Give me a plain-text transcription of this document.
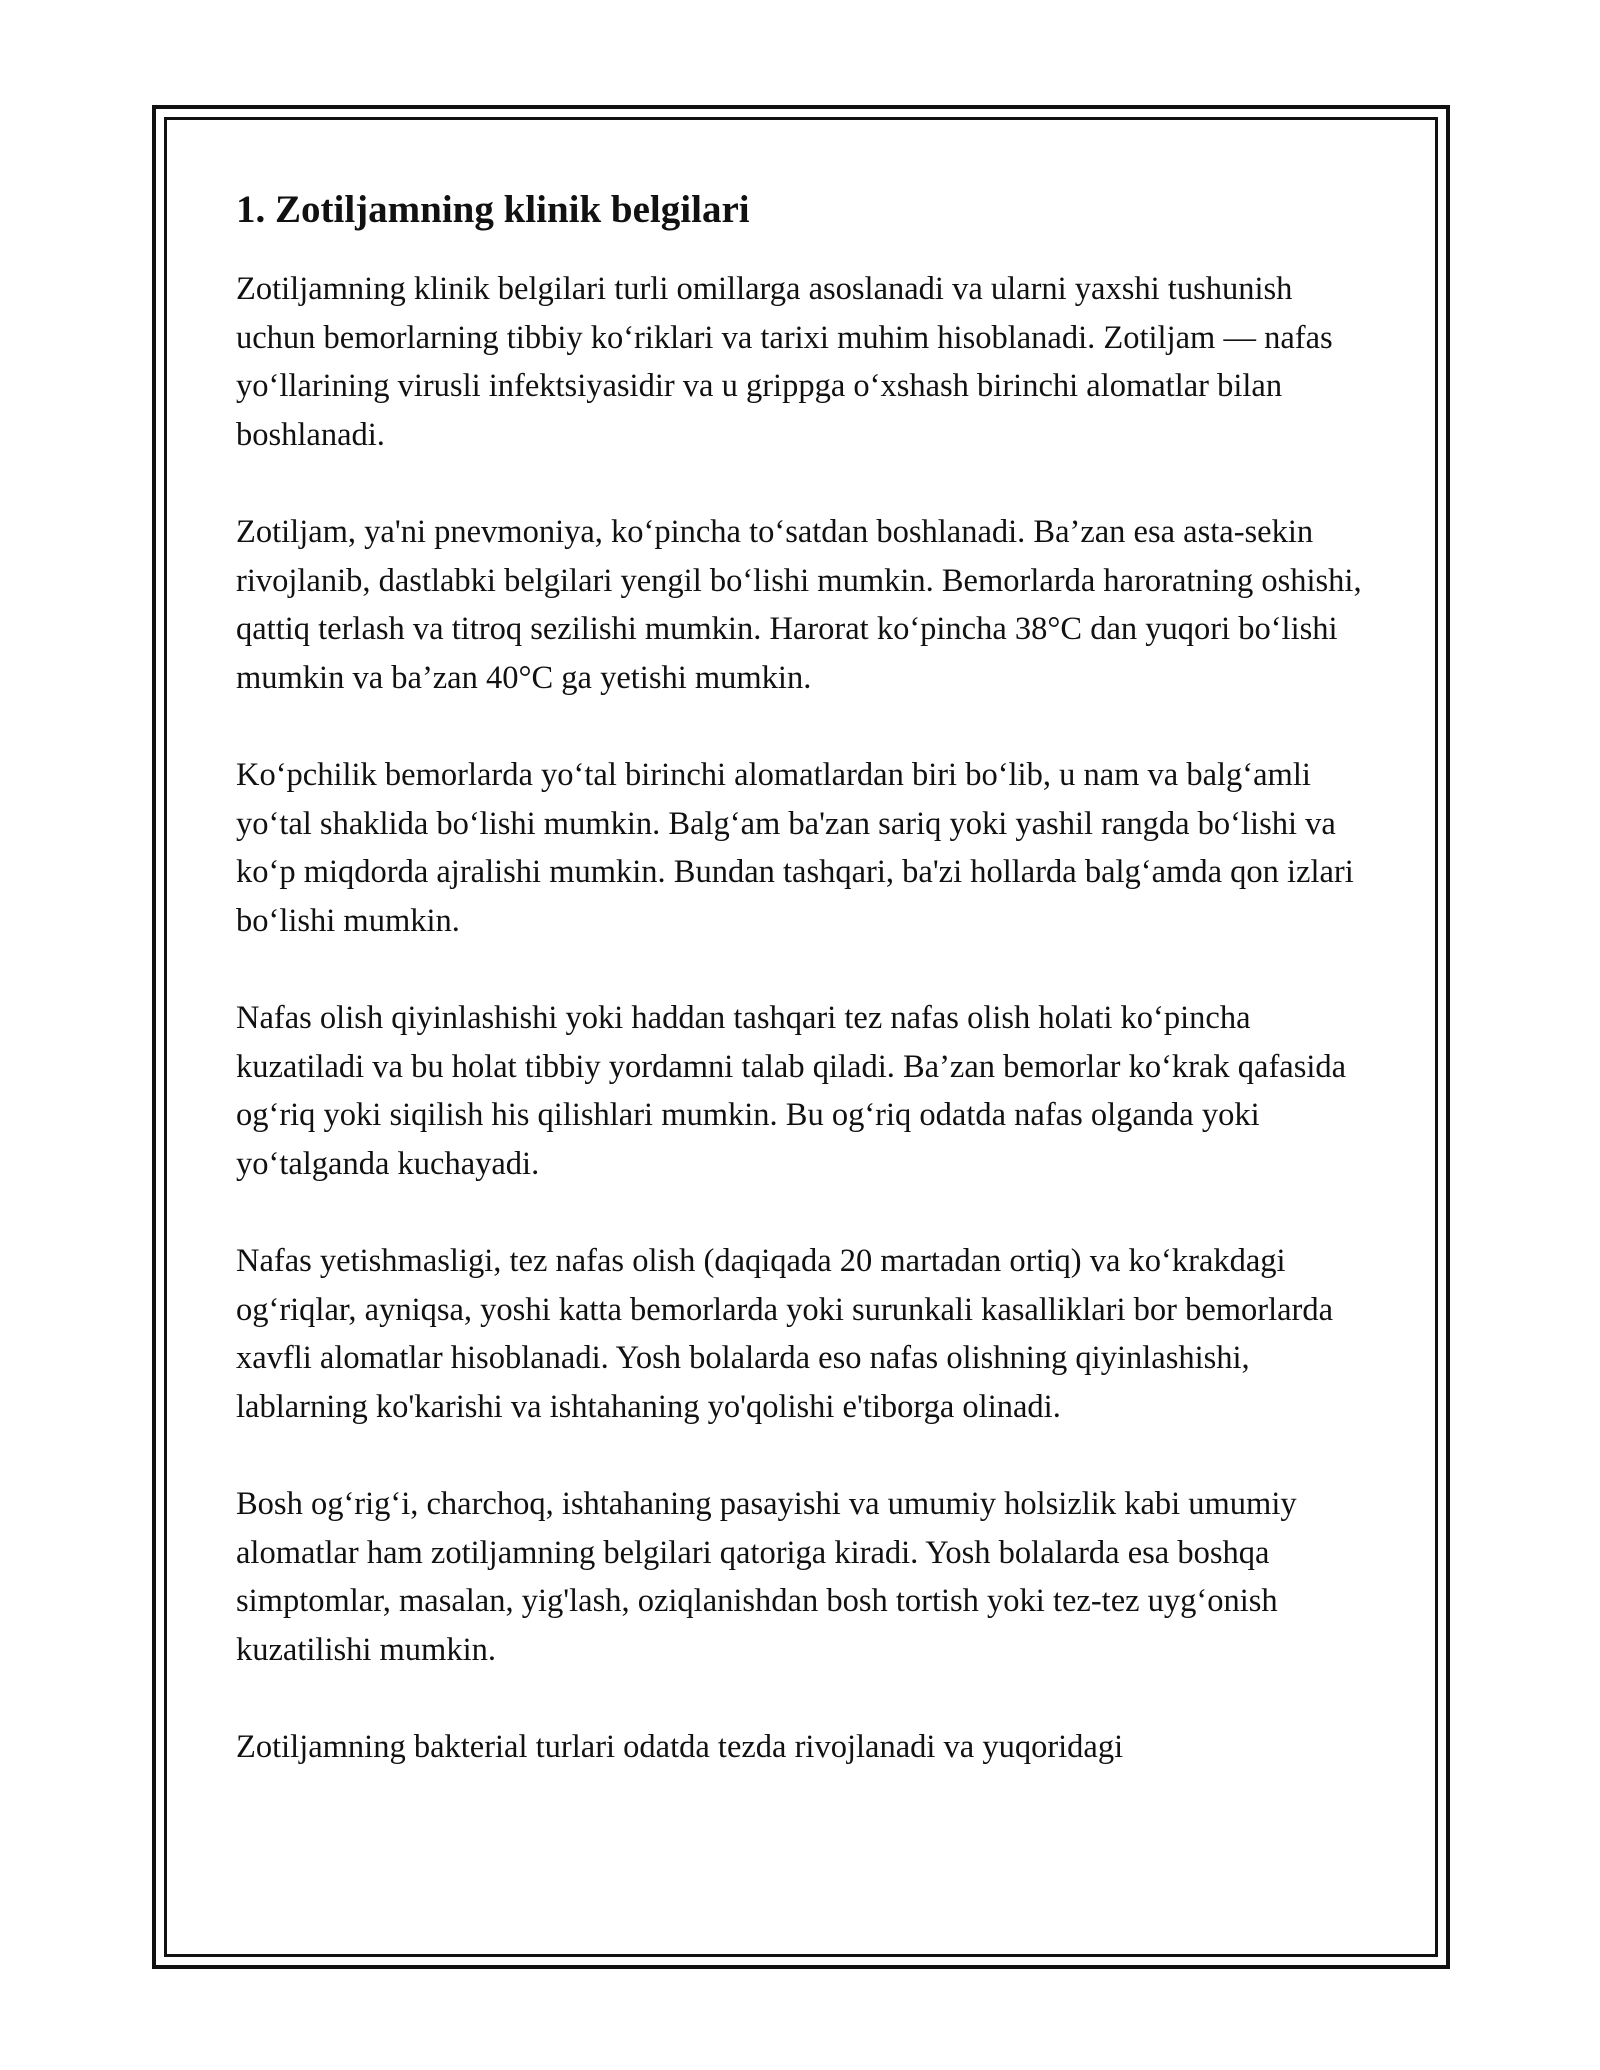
1. Zotiljamning klinik belgilari

Zotiljamning klinik belgilari turli omillarga asoslanadi va ularni yaxshi tushunish uchun bemorlarning tibbiy koʻriklari va tarixi muhim hisoblanadi. Zotiljam — nafas yoʻllarining virusli infektsiyasidir va u grippga oʻxshash birinchi alomatlar bilan boshlanadi.

Zotiljam, ya'ni pnevmoniya, koʻpincha toʻsatdan boshlanadi. Ba’zan esa asta-sekin rivojlanib, dastlabki belgilari yengil boʻlishi mumkin. Bemorlarda haroratning oshishi, qattiq terlash va titroq sezilishi mumkin. Harorat koʻpincha 38°C dan yuqori boʻlishi mumkin va ba’zan 40°C ga yetishi mumkin.

Koʻpchilik bemorlarda yoʻtal birinchi alomatlardan biri boʻlib, u nam va balgʻamli yoʻtal shaklida boʻlishi mumkin. Balgʻam ba'zan sariq yoki yashil rangda boʻlishi va koʻp miqdorda ajralishi mumkin. Bundan tashqari, ba'zi hollarda balgʻamda qon izlari boʻlishi mumkin.

Nafas olish qiyinlashishi yoki haddan tashqari tez nafas olish holati koʻpincha kuzatiladi va bu holat tibbiy yordamni talab qiladi. Ba’zan bemorlar koʻkrak qafasida ogʻriq yoki siqilish his qilishlari mumkin. Bu ogʻriq odatda nafas olganda yoki yoʻtalganda kuchayadi.

Nafas yetishmasligi, tez nafas olish (daqiqada 20 martadan ortiq) va koʻkrakdagi ogʻriqlar, ayniqsa, yoshi katta bemorlarda yoki surunkali kasalliklari bor bemorlarda xavfli alomatlar hisoblanadi. Yosh bolalarda eso nafas olishning qiyinlashishi, lablarning ko'karishi va ishtahaning yo'qolishi e'tiborga olinadi.

Bosh ogʻrigʻi, charchoq, ishtahaning pasayishi va umumiy holsizlik kabi umumiy alomatlar ham zotiljamning belgilari qatoriga kiradi. Yosh bolalarda esa boshqa simptomlar, masalan, yig'lash, oziqlanishdan bosh tortish yoki tez-tez uygʻonish kuzatilishi mumkin.

Zotiljamning bakterial turlari odatda tezda rivojlanadi va yuqoridagi
